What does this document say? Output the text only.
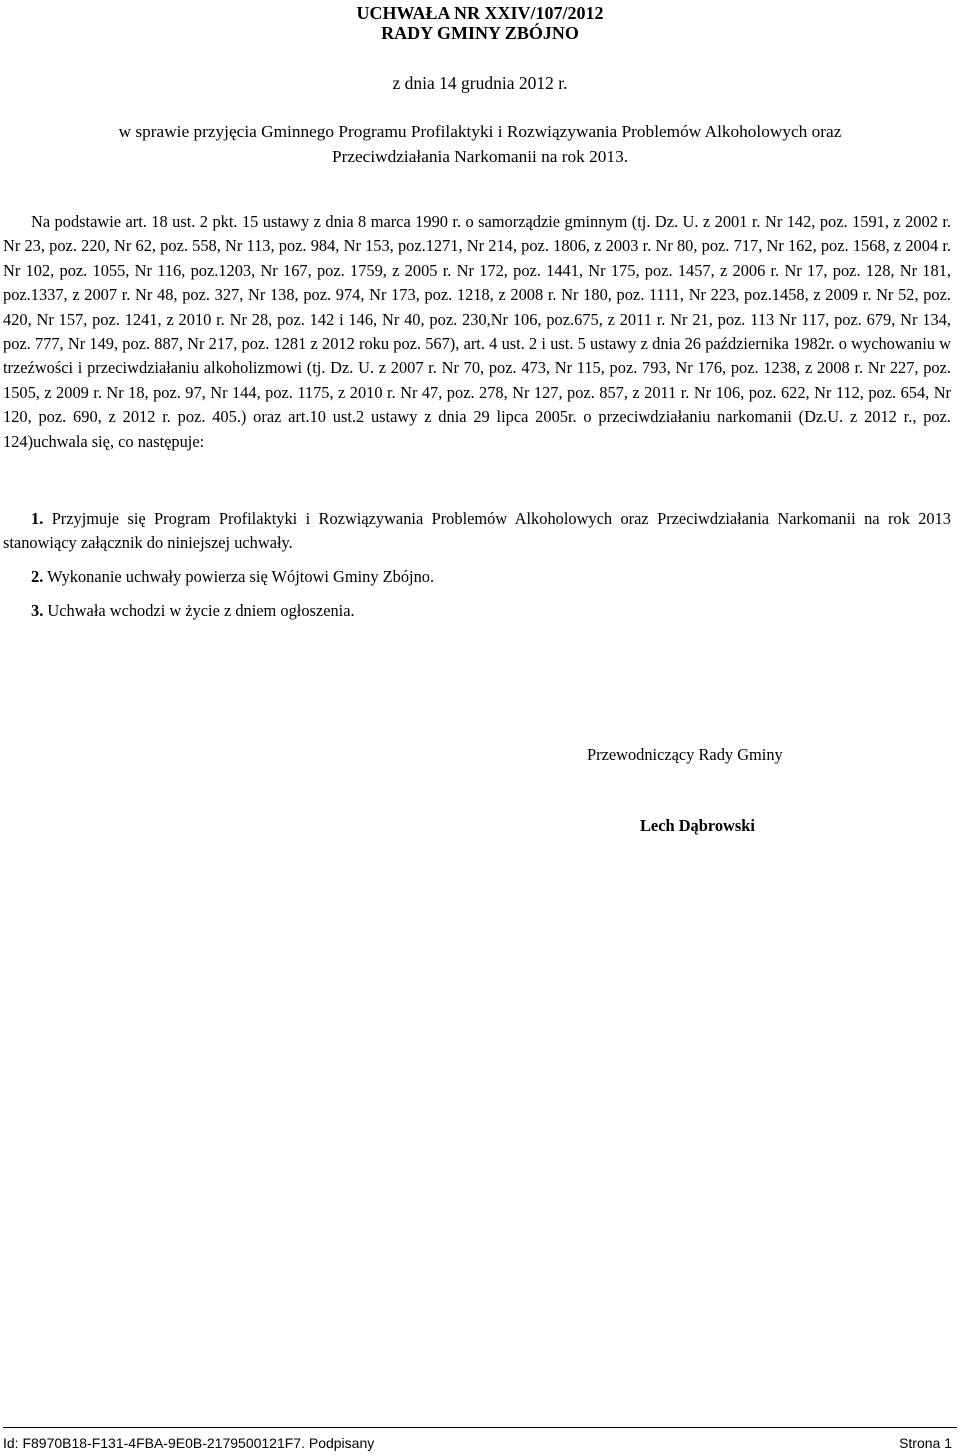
UCHWAŁA NR XXIV/107/2012
RADY GMINY ZBÓJNO
z dnia 14 grudnia 2012 r.
w sprawie przyjęcia Gminnego Programu Profilaktyki i Rozwiązywania Problemów Alkoholowych oraz
Przeciwdziałania Narkomanii na rok 2013.
Na podstawie art. 18 ust. 2 pkt. 15 ustawy z dnia 8 marca 1990 r. o samorządzie gminnym (tj. Dz. U. z 2001 r. Nr 142, poz. 1591, z 2002 r. Nr 23, poz. 220, Nr 62, poz. 558, Nr 113, poz. 984, Nr 153, poz.1271, Nr 214, poz. 1806, z 2003 r. Nr 80, poz. 717, Nr 162, poz. 1568, z 2004 r. Nr 102, poz. 1055, Nr 116, poz.1203, Nr 167, poz. 1759, z 2005 r. Nr 172, poz. 1441, Nr 175, poz. 1457, z 2006 r. Nr 17, poz. 128, Nr 181, poz.1337, z 2007 r. Nr 48, poz. 327, Nr 138, poz. 974, Nr 173, poz. 1218, z 2008 r. Nr 180, poz. 1111, Nr 223, poz.1458, z 2009 r. Nr 52, poz. 420, Nr 157, poz. 1241, z 2010 r. Nr 28, poz. 142 i 146, Nr 40, poz. 230,Nr 106, poz.675, z 2011 r. Nr 21, poz. 113 Nr 117, poz. 679, Nr 134, poz. 777, Nr 149, poz. 887, Nr 217, poz. 1281 z 2012 roku poz. 567), art. 4 ust. 2 i ust. 5 ustawy z dnia 26 października 1982r. o wychowaniu w trzeźwości i przeciwdziałaniu alkoholizmowi (tj. Dz. U. z 2007 r. Nr 70, poz. 473, Nr 115, poz. 793, Nr 176, poz. 1238, z 2008 r. Nr 227, poz. 1505, z 2009 r. Nr 18, poz. 97, Nr 144, poz. 1175, z 2010 r. Nr 47, poz. 278, Nr 127, poz. 857, z 2011 r. Nr 106, poz. 622, Nr 112, poz. 654, Nr 120, poz. 690, z 2012 r. poz. 405.) oraz art.10 ust.2 ustawy z dnia 29 lipca 2005r. o przeciwdziałaniu narkomanii (Dz.U. z 2012 r., poz. 124)uchwala się, co następuje:
1. Przyjmuje się Program Profilaktyki i Rozwiązywania Problemów Alkoholowych oraz Przeciwdziałania Narkomanii na rok 2013 stanowiący załącznik do niniejszej uchwały.
2. Wykonanie uchwały powierza się Wójtowi Gminy Zbójno.
3. Uchwała wchodzi w życie z dniem ogłoszenia.
Przewodniczący Rady Gminy
Lech Dąbrowski
Id: F8970B18-F131-4FBA-9E0B-2179500121F7. Podpisany	Strona 1
